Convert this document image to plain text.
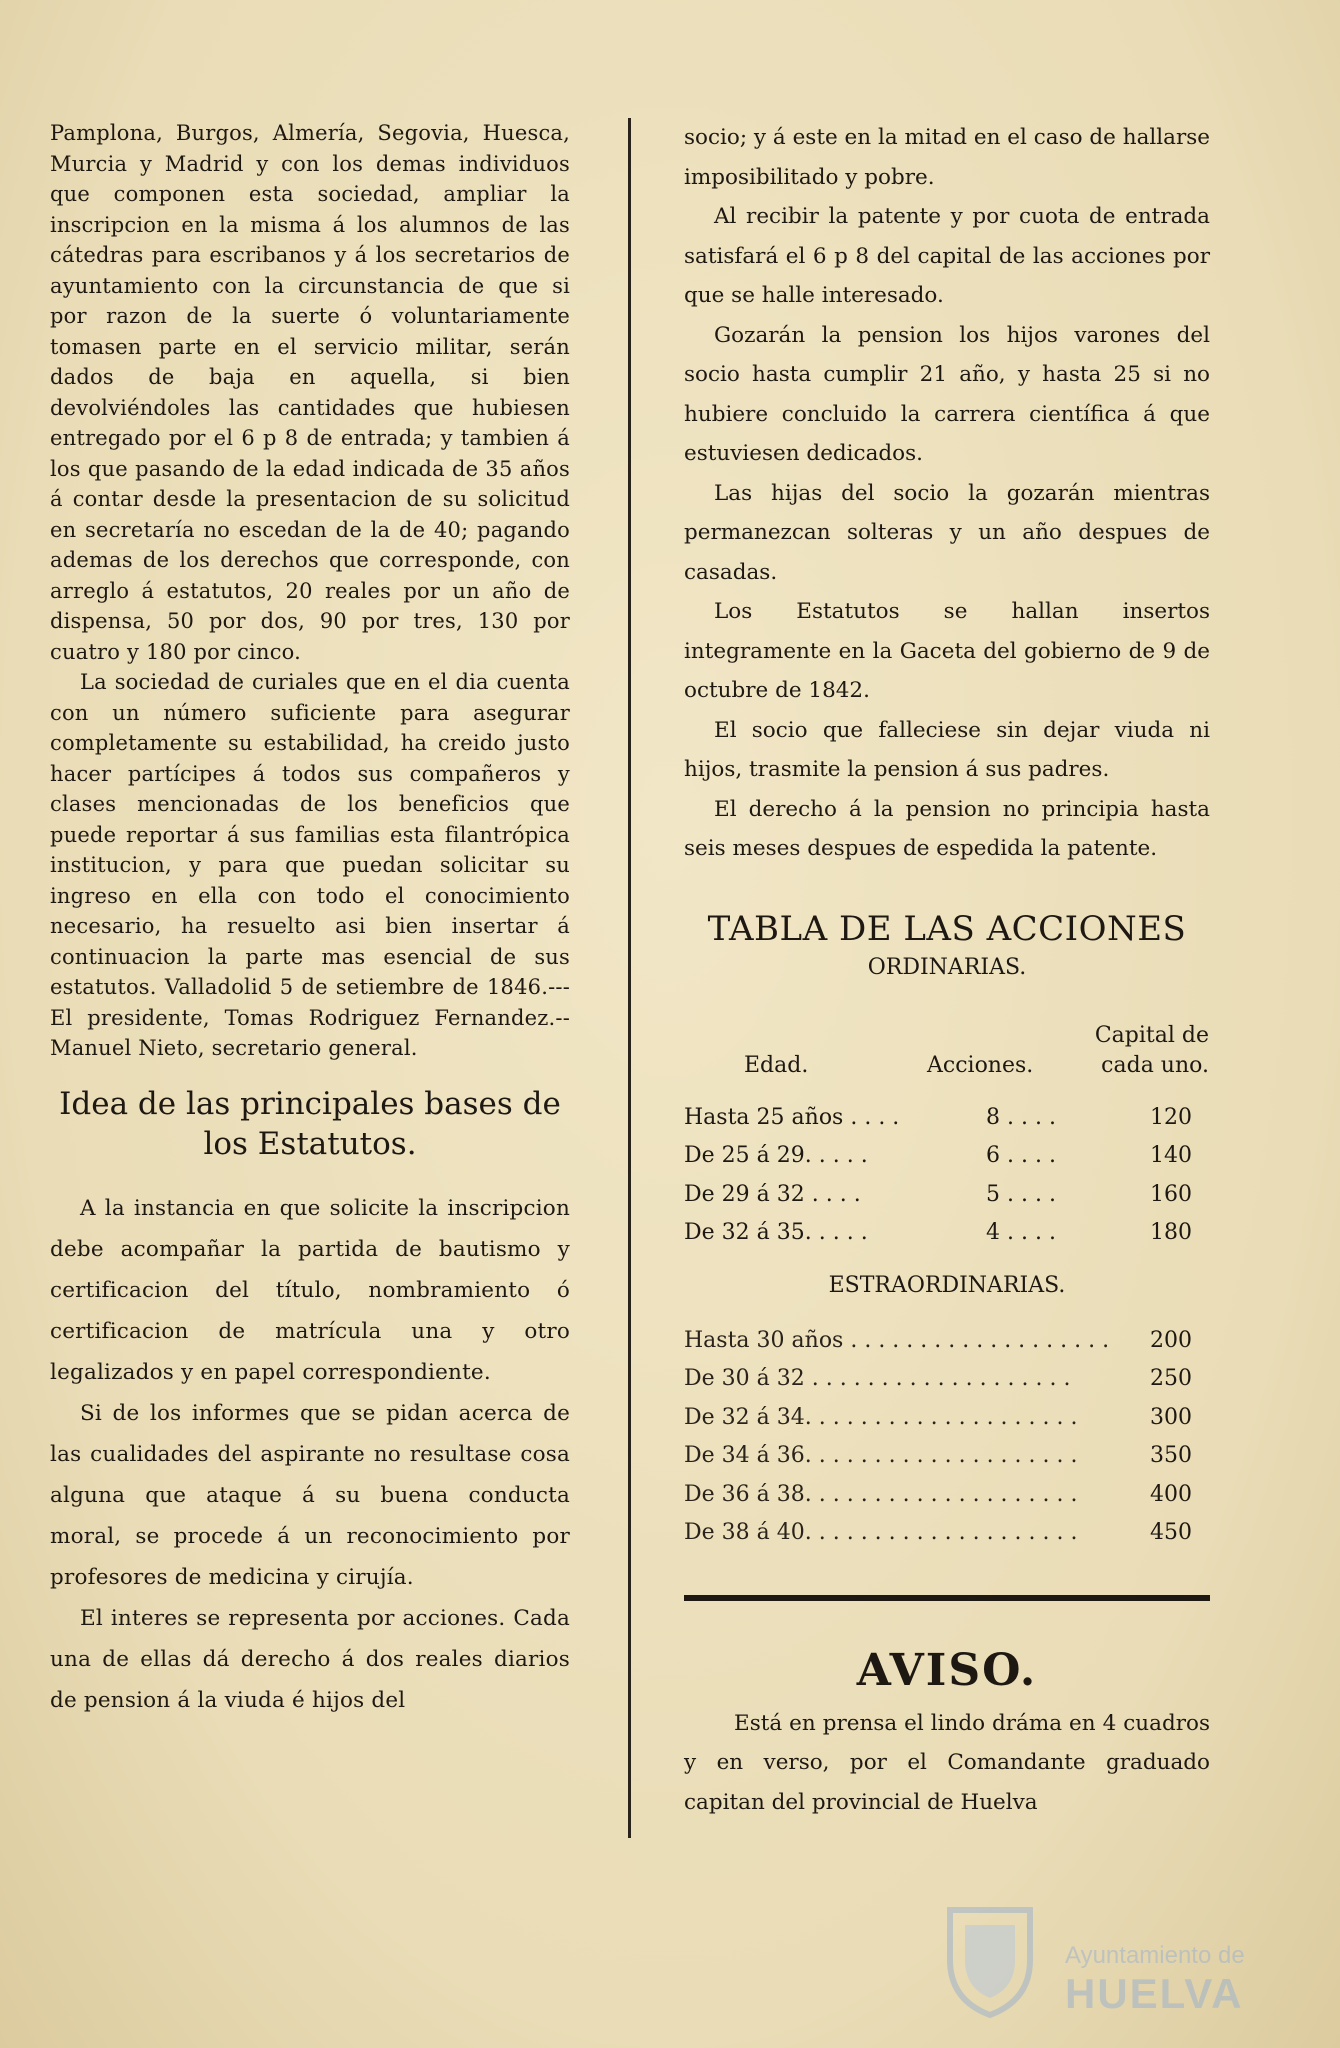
Pamplona, Burgos, Almería, Segovia, Huesca, Murcia y Madrid y con los demas individuos que componen esta sociedad, ampliar la inscripcion en la misma á los alumnos de las cátedras para escribanos y á los secretarios de ayuntamiento con la circunstancia de que si por razon de la suerte ó voluntariamente tomasen parte en el servicio militar, serán dados de baja en aquella, si bien devolviéndoles las cantidades que hubiesen entregado por el 6 p 8 de entrada; y tambien á los que pasando de la edad indicada de 35 años á contar desde la presentacion de su solicitud en secretaría no escedan de la de 40; pagando ademas de los derechos que corresponde, con arreglo á estatutos, 20 reales por un año de dispensa, 50 por dos, 90 por tres, 130 por cuatro y 180 por cinco.

La sociedad de curiales que en el dia cuenta con un número suficiente para asegurar completamente su estabilidad, ha creido justo hacer partícipes á todos sus compañeros y clases mencionadas de los beneficios que puede reportar á sus familias esta filantrópica institucion, y para que puedan solicitar su ingreso en ella con todo el conocimiento necesario, ha resuelto asi bien insertar á continuacion la parte mas esencial de sus estatutos. Valladolid 5 de setiembre de 1846.--- El presidente, Tomas Rodriguez Fernandez.--Manuel Nieto, secretario general.

Idea de las principales bases de los Estatutos.

A la instancia en que solicite la inscripcion debe acompañar la partida de bautismo y certificacion del título, nombramiento ó certificacion de matrícula una y otro legalizados y en papel correspondiente.

Si de los informes que se pidan acerca de las cualidades del aspirante no resultase cosa alguna que ataque á su buena conducta moral, se procede á un reconocimiento por profesores de medicina y cirujía.

El interes se representa por acciones. Cada una de ellas dá derecho á dos reales diarios de pension á la viuda é hijos del

socio; y á este en la mitad en el caso de hallarse imposibilitado y pobre.

Al recibir la patente y por cuota de entrada satisfará el 6 p 8 del capital de las acciones por que se halle interesado.

Gozarán la pension los hijos varones del socio hasta cumplir 21 año, y hasta 25 si no hubiere concluido la carrera científica á que estuviesen dedicados.

Las hijas del socio la gozarán mientras permanezcan solteras y un año despues de casadas.

Los Estatutos se hallan insertos integramente en la Gaceta del gobierno de 9 de octubre de 1842.

El socio que falleciese sin dejar viuda ni hijos, trasmite la pension á sus padres.

El derecho á la pension no principia hasta seis meses despues de espedida la patente.

TABLA DE LAS ACCIONES
ORDINARIAS.
Edad.	Acciones.	Capital de cada uno.
Hasta 25 años . . . .	8 . . . .	120
De 25 á 29. . . . .	6 . . . .	140
De 29 á 32 . . . .	5 . . . .	160
De 32 á 35. . . . .	4 . . . .	180
ESTRAORDINARIAS.
Hasta 30 años . . . . . . . . . . . . . . . . . . .	200
De 30 á 32 . . . . . . . . . . . . . . . . . . .	250
De 32 á 34. . . . . . . . . . . . . . . . . . . .	300
De 34 á 36. . . . . . . . . . . . . . . . . . . .	350
De 36 á 38. . . . . . . . . . . . . . . . . . . .	400
De 38 á 40. . . . . . . . . . . . . . . . . . . .	450
AVISO.

Está en prensa el lindo dráma en 4 cuadros y en verso, por el Comandante graduado capitan del provincial de Huelva

Ayuntamiento de
HUELVA
